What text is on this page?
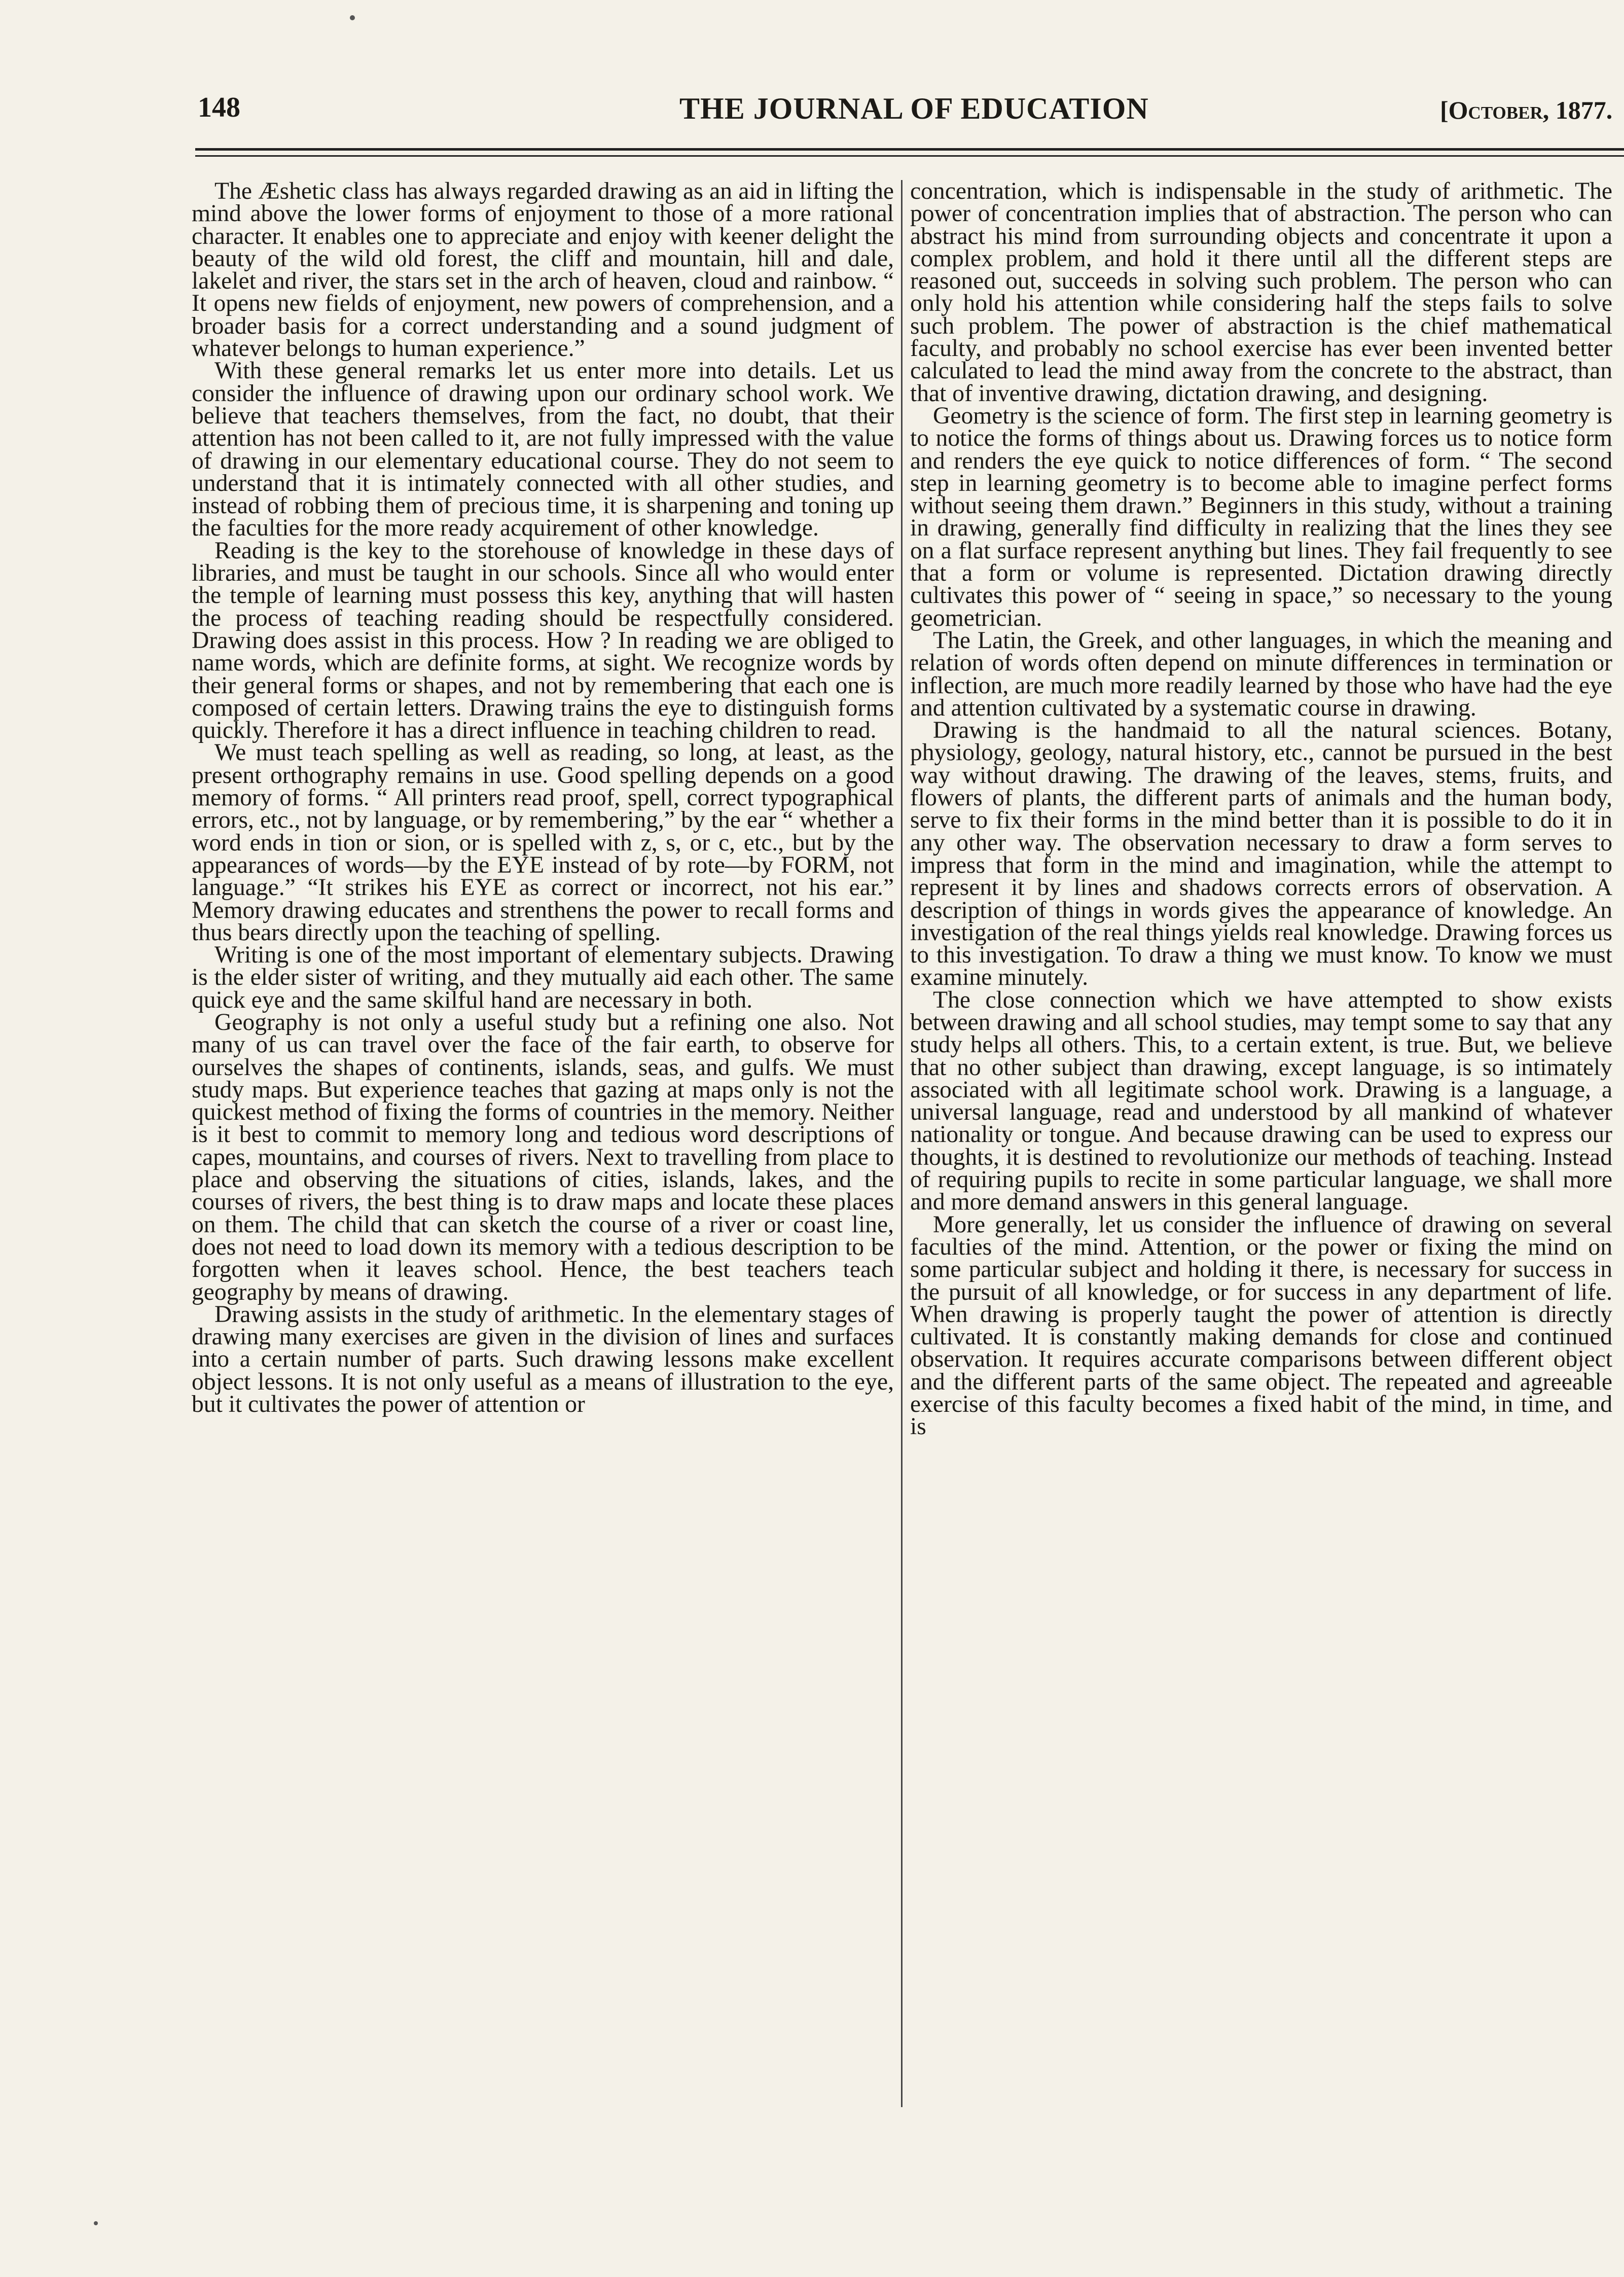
148	THE JOURNAL OF EDUCATION	[October, 1877.

The Æshetic class has always regarded drawing as an aid in lifting the mind above the lower forms of enjoyment to those of a more rational character. It enables one to appreciate and enjoy with keener delight the beauty of the wild old forest, the cliff and mountain, hill and dale, lakelet and river, the stars set in the arch of heaven, cloud and rainbow. “ It opens new fields of enjoyment, new powers of comprehension, and a broader basis for a correct understanding and a sound judgment of whatever belongs to human experience.”

With these general remarks let us enter more into details. Let us consider the influence of drawing upon our ordinary school work. We believe that teachers themselves, from the fact, no doubt, that their attention has not been called to it, are not fully impressed with the value of drawing in our elementary educational course. They do not seem to understand that it is intimately connected with all other studies, and instead of robbing them of precious time, it is sharpening and toning up the faculties for the more ready acquirement of other knowledge.

Reading is the key to the storehouse of knowledge in these days of libraries, and must be taught in our schools. Since all who would enter the temple of learning must possess this key, anything that will hasten the process of teaching reading should be respectfully considered. Drawing does assist in this process. How ? In reading we are obliged to name words, which are definite forms, at sight. We recognize words by their general forms or shapes, and not by remembering that each one is composed of certain letters. Drawing trains the eye to distinguish forms quickly. Therefore it has a direct influence in teaching children to read.

We must teach spelling as well as reading, so long, at least, as the present orthography remains in use. Good spelling depends on a good memory of forms. “ All printers read proof, spell, correct typographical errors, etc., not by language, or by remembering,” by the ear “ whether a word ends in tion or sion, or is spelled with z, s, or c, etc., but by the appearances of words—by the EYE instead of by rote—by FORM, not language.” “It strikes his EYE as correct or incorrect, not his ear.” Memory drawing educates and strenthens the power to recall forms and thus bears directly upon the teaching of spelling.

Writing is one of the most important of elementary subjects. Drawing is the elder sister of writing, and they mutually aid each other. The same quick eye and the same skilful hand are necessary in both.

Geography is not only a useful study but a refining one also. Not many of us can travel over the face of the fair earth, to observe for ourselves the shapes of continents, islands, seas, and gulfs. We must study maps. But experience teaches that gazing at maps only is not the quickest method of fixing the forms of countries in the memory. Neither is it best to commit to memory long and tedious word descriptions of capes, mountains, and courses of rivers. Next to travelling from place to place and observing the situations of cities, islands, lakes, and the courses of rivers, the best thing is to draw maps and locate these places on them. The child that can sketch the course of a river or coast line, does not need to load down its memory with a tedious description to be forgotten when it leaves school. Hence, the best teachers teach geography by means of drawing.

Drawing assists in the study of arithmetic. In the elementary stages of drawing many exercises are given in the division of lines and surfaces into a certain number of parts. Such drawing lessons make excellent object lessons. It is not only useful as a means of illustration to the eye, but it cultivates the power of attention or

concentration, which is indispensable in the study of arithmetic. The power of concentration implies that of abstraction. The person who can abstract his mind from surrounding objects and concentrate it upon a complex problem, and hold it there until all the different steps are reasoned out, succeeds in solving such problem. The person who can only hold his attention while considering half the steps fails to solve such problem. The power of abstraction is the chief mathematical faculty, and probably no school exercise has ever been invented better calculated to lead the mind away from the concrete to the abstract, than that of inventive drawing, dictation drawing, and designing.

Geometry is the science of form. The first step in learning geometry is to notice the forms of things about us. Drawing forces us to notice form and renders the eye quick to notice differences of form. “ The second step in learning geometry is to become able to imagine perfect forms without seeing them drawn.” Beginners in this study, without a training in drawing, generally find difficulty in realizing that the lines they see on a flat surface represent anything but lines. They fail frequently to see that a form or volume is represented. Dictation drawing directly cultivates this power of “ seeing in space,” so necessary to the young geometrician.

The Latin, the Greek, and other languages, in which the meaning and relation of words often depend on minute differences in termination or inflection, are much more readily learned by those who have had the eye and attention cultivated by a systematic course in drawing.

Drawing is the handmaid to all the natural sciences. Botany, physiology, geology, natural history, etc., cannot be pursued in the best way without drawing. The drawing of the leaves, stems, fruits, and flowers of plants, the different parts of animals and the human body, serve to fix their forms in the mind better than it is possible to do it in any other way. The observation necessary to draw a form serves to impress that form in the mind and imagination, while the attempt to represent it by lines and shadows corrects errors of observation. A description of things in words gives the appearance of knowledge. An investigation of the real things yields real knowledge. Drawing forces us to this investigation. To draw a thing we must know. To know we must examine minutely.

The close connection which we have attempted to show exists between drawing and all school studies, may tempt some to say that any study helps all others. This, to a certain extent, is true. But, we believe that no other subject than drawing, except language, is so intimately associated with all legitimate school work. Drawing is a language, a universal language, read and understood by all mankind of whatever nationality or tongue. And because drawing can be used to express our thoughts, it is destined to revolutionize our methods of teaching. Instead of requiring pupils to recite in some particular language, we shall more and more demand answers in this general language.

More generally, let us consider the influence of drawing on several faculties of the mind. Attention, or the power or fixing the mind on some particular subject and holding it there, is necessary for success in the pursuit of all knowledge, or for success in any department of life. When drawing is properly taught the power of attention is directly cultivated. It is constantly making demands for close and continued observation. It requires accurate comparisons between different object and the different parts of the same object. The repeated and agreeable exercise of this faculty becomes a fixed habit of the mind, in time, and is
